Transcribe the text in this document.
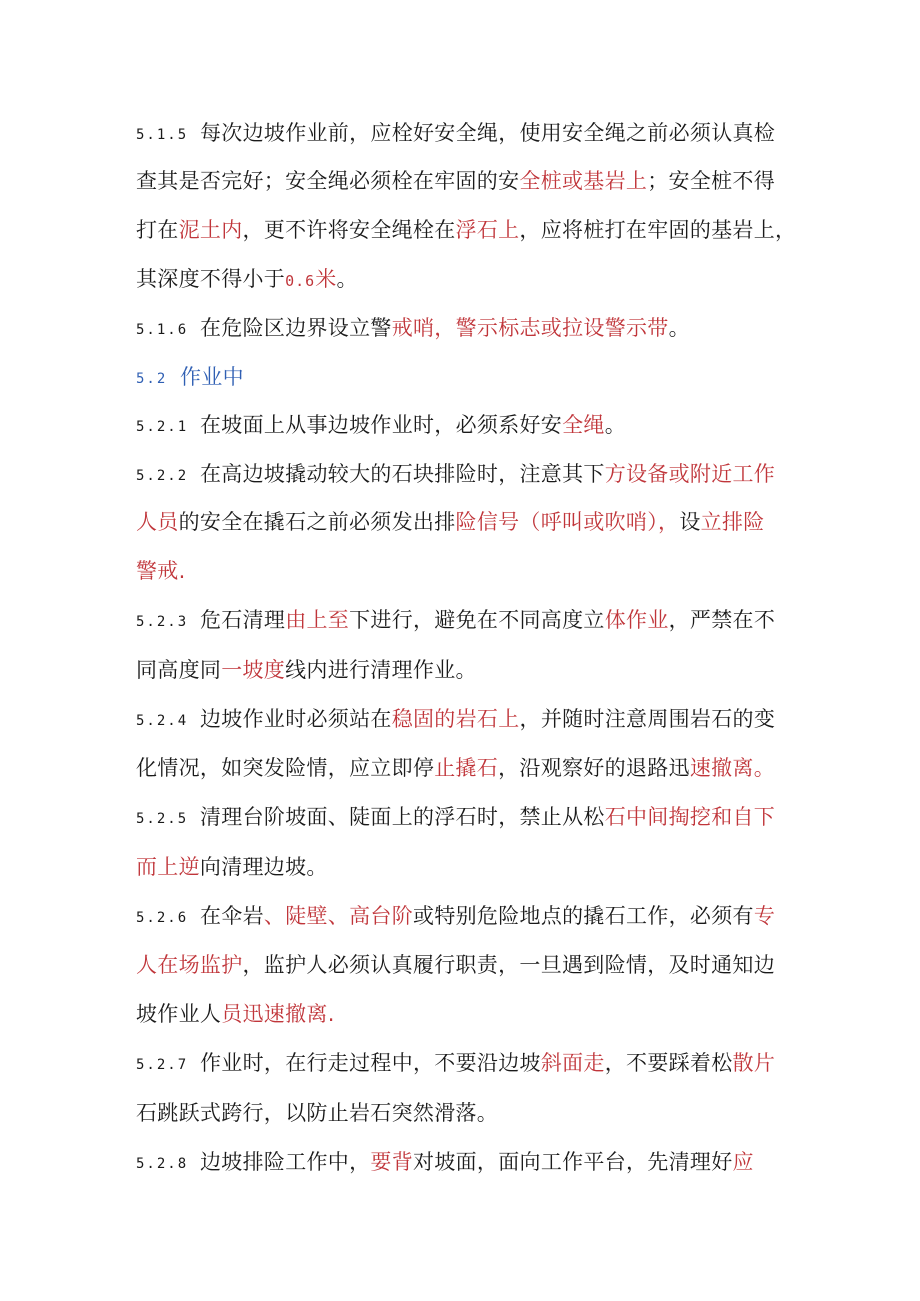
5.1.5 每次边坡作业前，应栓好安全绳，使用安全绳之前必须认真检
查其是否完好；安全绳必须栓在牢固的安全桩或基岩上；安全桩不得
打在泥土内，更不许将安全绳栓在浮石上，应将桩打在牢固的基岩上，
其深度不得小于0.6米。
5.1.6 在危险区边界设立警戒哨，警示标志或拉设警示带。
5.2 作业中
5.2.1 在坡面上从事边坡作业时，必须系好安全绳。
5.2.2 在高边坡撬动较大的石块排险时，注意其下方设备或附近工作
人员的安全在撬石之前必须发出排险信号（呼叫或吹哨），设立排险
警戒.
5.2.3 危石清理由上至下进行，避免在不同高度立体作业，严禁在不
同高度同一坡度线内进行清理作业。
5.2.4 边坡作业时必须站在稳固的岩石上，并随时注意周围岩石的变
化情况，如突发险情，应立即停止撬石，沿观察好的退路迅速撤离。
5.2.5 清理台阶坡面、陡面上的浮石时，禁止从松石中间掏挖和自下
而上逆向清理边坡。
5.2.6 在伞岩、陡壁、高台阶或特别危险地点的撬石工作，必须有专
人在场监护，监护人必须认真履行职责，一旦遇到险情，及时通知边
坡作业人员迅速撤离.
5.2.7 作业时，在行走过程中，不要沿边坡斜面走，不要踩着松散片
石跳跃式跨行，以防止岩石突然滑落。
5.2.8 边坡排险工作中，要背对坡面，面向工作平台，先清理好应
